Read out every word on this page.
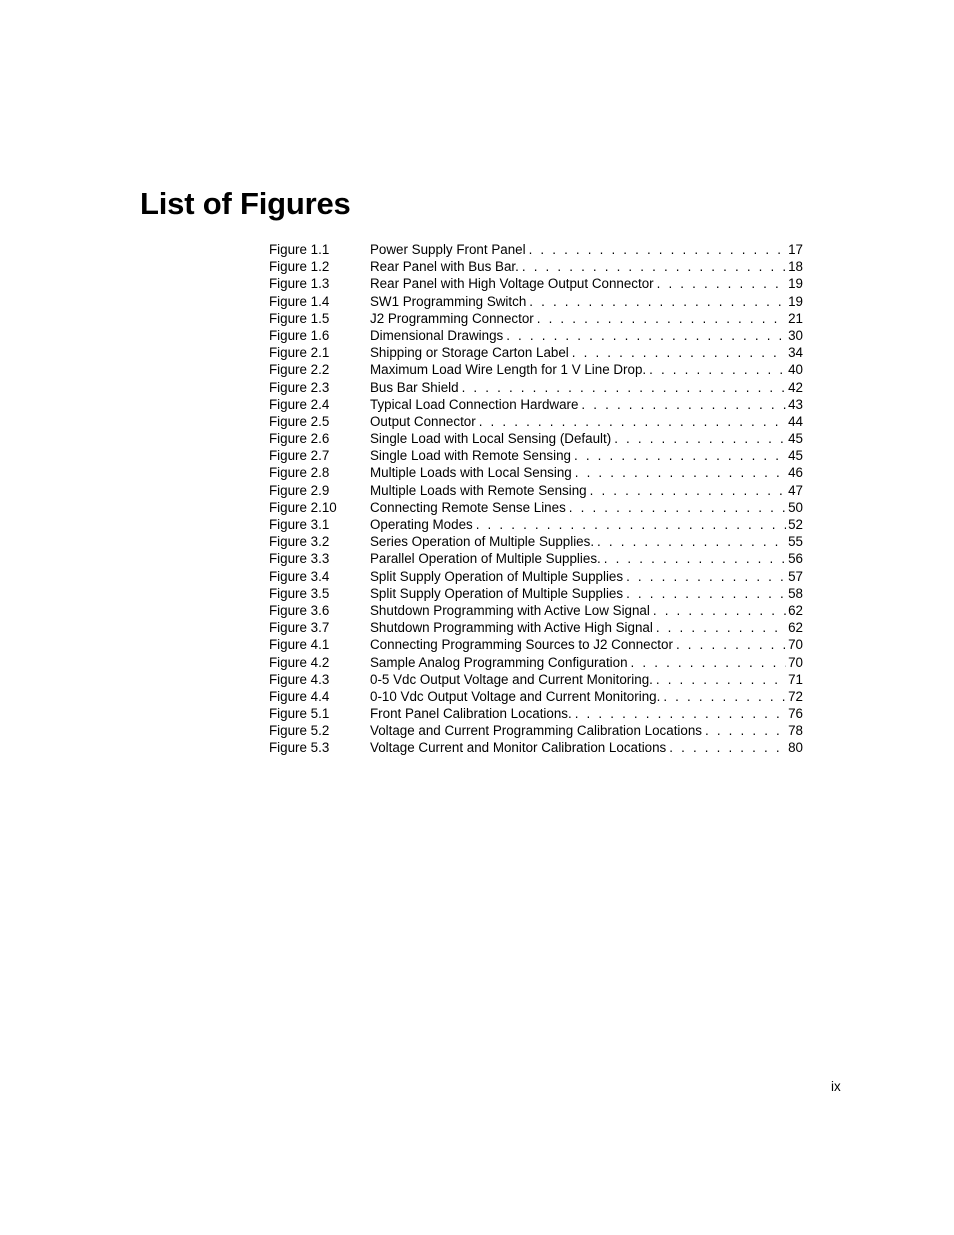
List of Figures
Figure 1.1	Power Supply Front Panel . . .	17
Figure 1.2	Rear Panel with Bus Bar. . . .	18
Figure 1.3	Rear Panel with High Voltage Output Connector . . .	19
Figure 1.4	SW1 Programming Switch . . .	19
Figure 1.5	J2 Programming Connector . . .	21
Figure 1.6	Dimensional Drawings . . .	30
Figure 2.1	Shipping or Storage Carton Label . . .	34
Figure 2.2	Maximum Load Wire Length for 1 V Line Drop. . . .	40
Figure 2.3	Bus Bar Shield . . .	42
Figure 2.4	Typical Load Connection Hardware . . .	43
Figure 2.5	Output Connector . . .	44
Figure 2.6	Single Load with Local Sensing (Default) . . .	45
Figure 2.7	Single Load with Remote Sensing . . .	45
Figure 2.8	Multiple Loads with Local Sensing . . .	46
Figure 2.9	Multiple Loads with Remote Sensing . . .	47
Figure 2.10	Connecting Remote Sense Lines . . .	50
Figure 3.1	Operating Modes . . .	52
Figure 3.2	Series Operation of Multiple Supplies. . . .	55
Figure 3.3	Parallel Operation of Multiple Supplies. . . .	56
Figure 3.4	Split Supply Operation of Multiple Supplies . . .	57
Figure 3.5	Split Supply Operation of Multiple Supplies . . .	58
Figure 3.6	Shutdown Programming with Active Low Signal . . .	62
Figure 3.7	Shutdown Programming with Active High Signal . . .	62
Figure 4.1	Connecting Programming Sources to J2 Connector . . .	70
Figure 4.2	Sample Analog Programming Configuration . . .	70
Figure 4.3	0-5 Vdc Output Voltage and Current Monitoring. . . .	71
Figure 4.4	0-10 Vdc Output Voltage and Current Monitoring. . . .	72
Figure 5.1	Front Panel Calibration Locations. . . .	76
Figure 5.2	Voltage and Current Programming Calibration Locations . . .	78
Figure 5.3	Voltage Current and Monitor Calibration Locations . . .	80
ix
